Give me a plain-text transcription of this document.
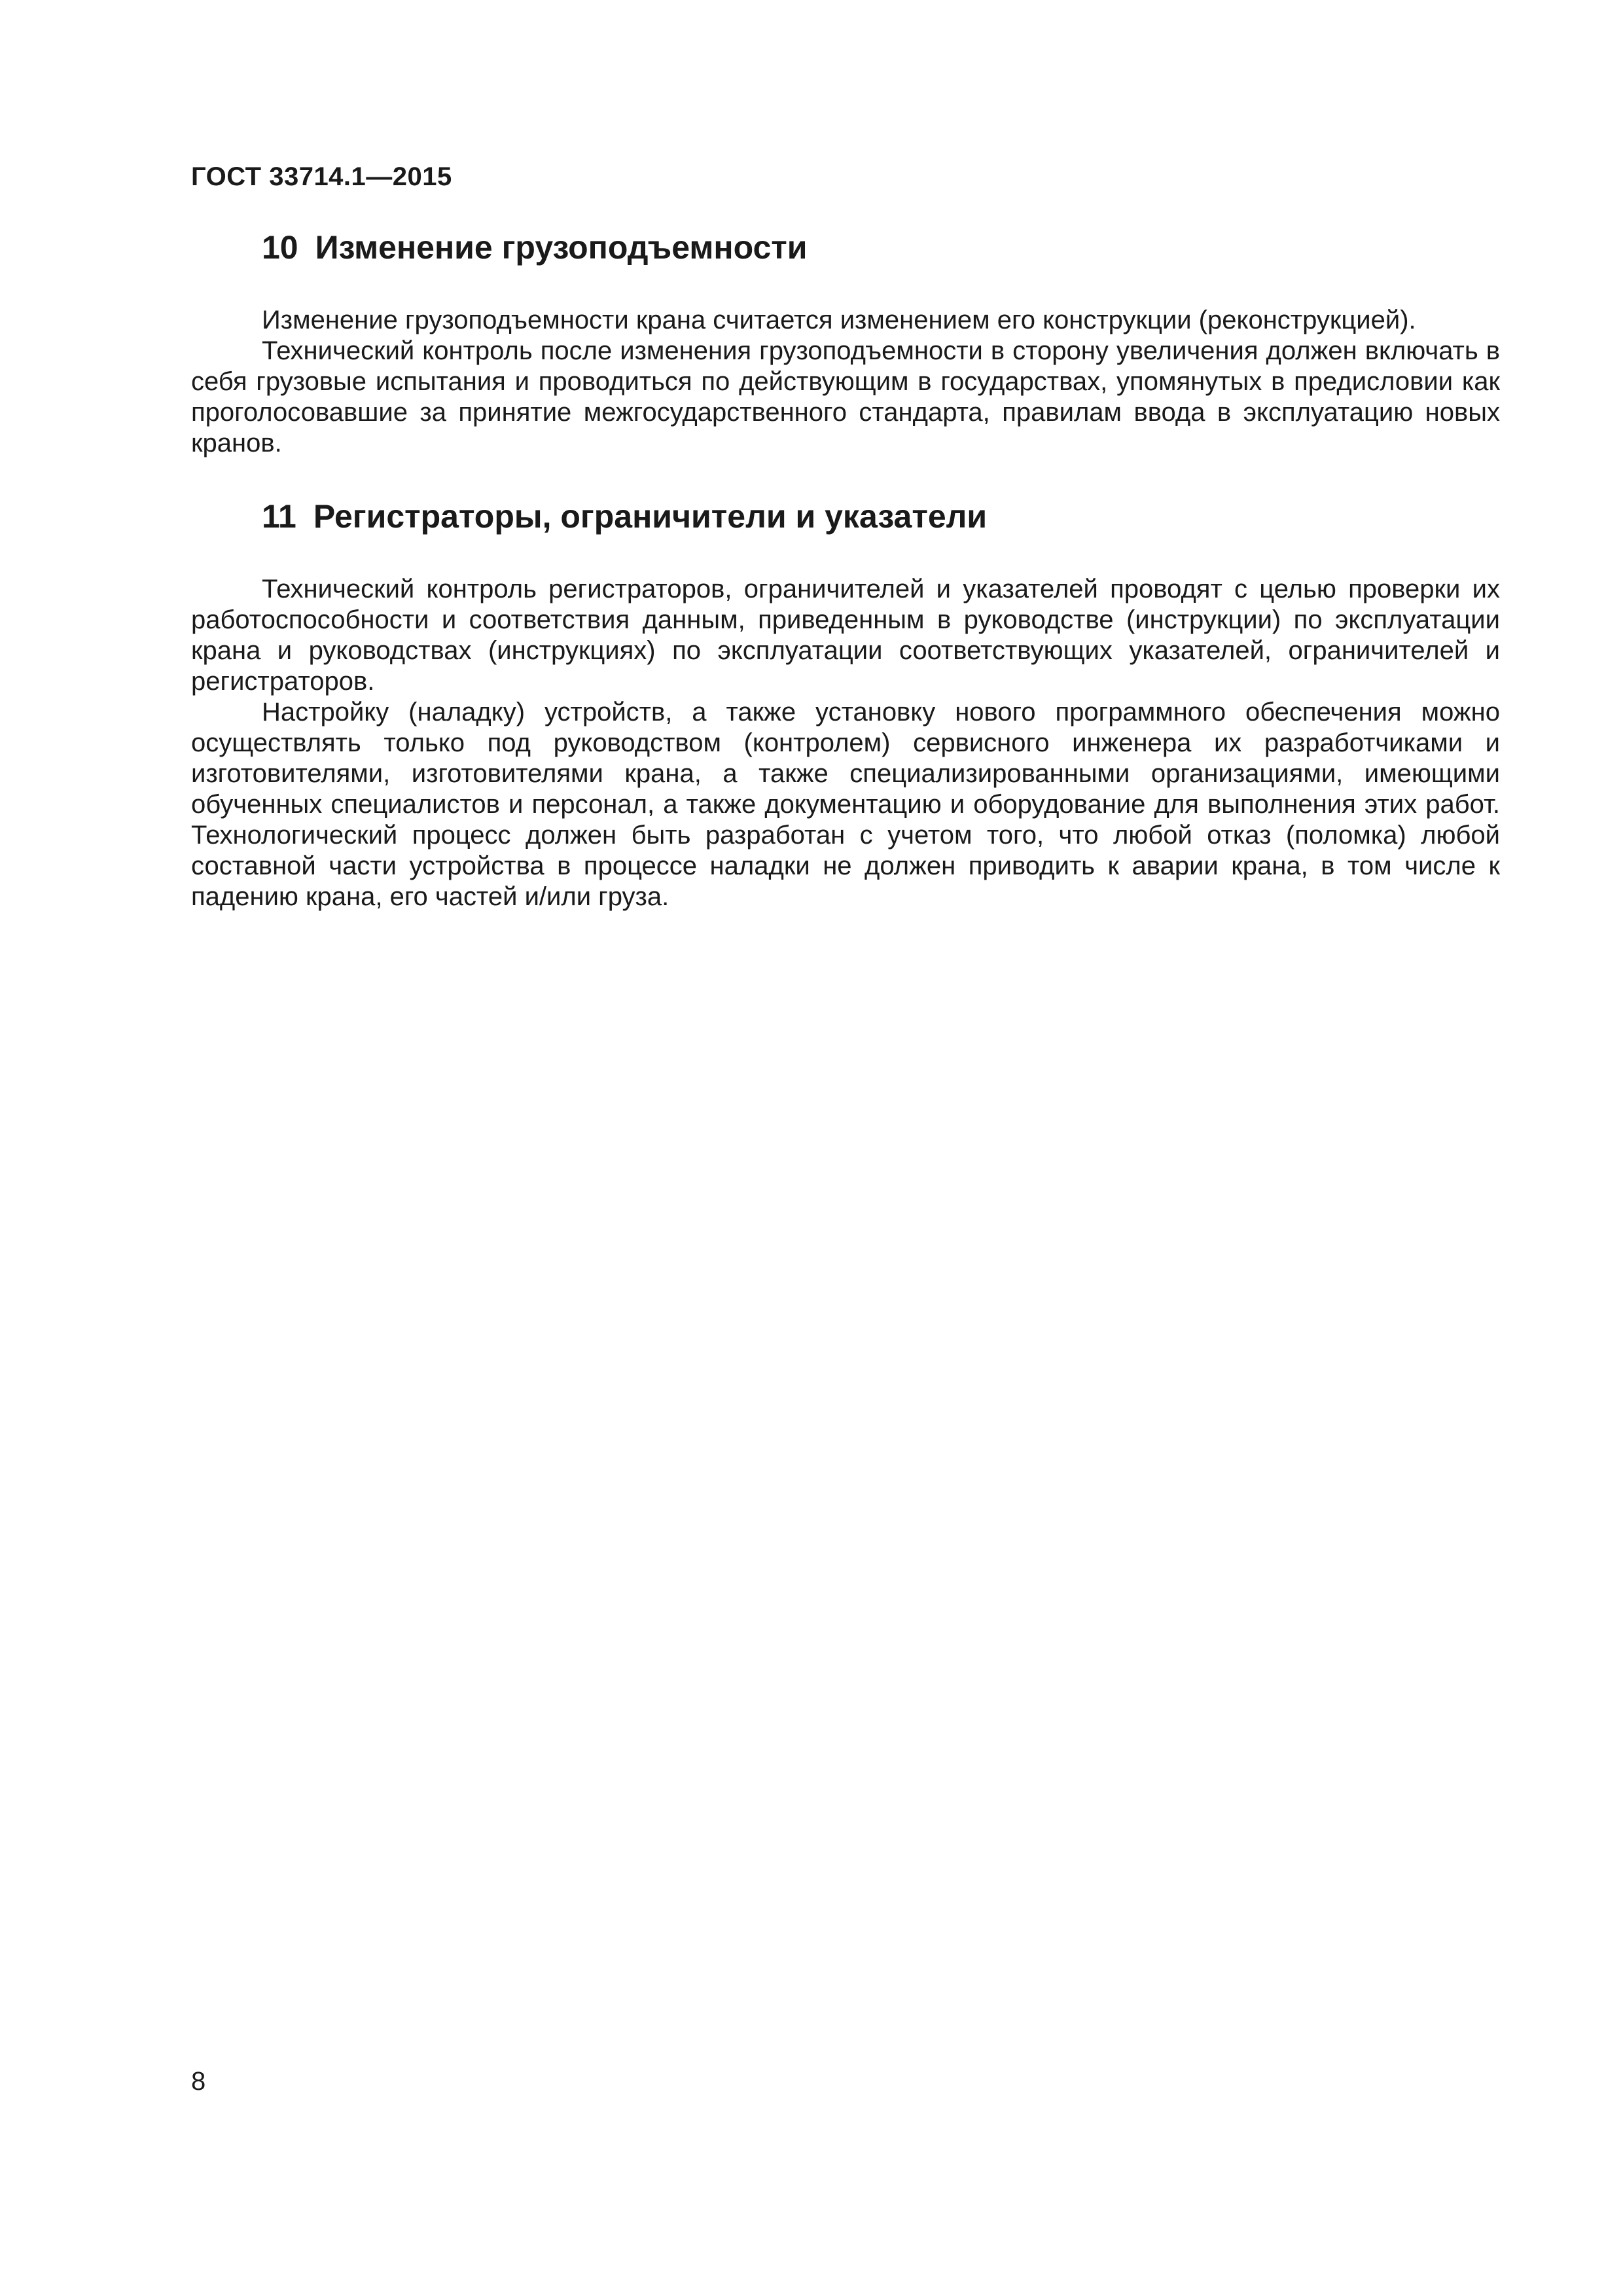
ГОСТ 33714.1—2015
10 Изменение грузоподъемности

Изменение грузоподъемности крана считается изменением его конструкции (реконструкцией).

Технический контроль после изменения грузоподъемности в сторону увеличения должен включать в себя грузовые испытания и проводиться по действующим в государствах, упомянутых в предисловии как проголосовавшие за принятие межгосударственного стандарта, правилам ввода в эксплуатацию новых кранов.

11 Регистраторы, ограничители и указатели

Технический контроль регистраторов, ограничителей и указателей проводят с целью проверки их работоспособности и соответствия данным, приведенным в руководстве (инструкции) по эксплуатации крана и руководствах (инструкциях) по эксплуатации соответствующих указателей, ограничителей и регистраторов.

Настройку (наладку) устройств, а также установку нового программного обеспечения можно осуществлять только под руководством (контролем) сервисного инженера их разработчиками и изготовителями, изготовителями крана, а также специализированными организациями, имеющими обученных специалистов и персонал, а также документацию и оборудование для выполнения этих работ. Технологический процесс должен быть разработан с учетом того, что любой отказ (поломка) любой составной части устройства в процессе наладки не должен приводить к аварии крана, в том числе к падению крана, его частей и/или груза.

8
